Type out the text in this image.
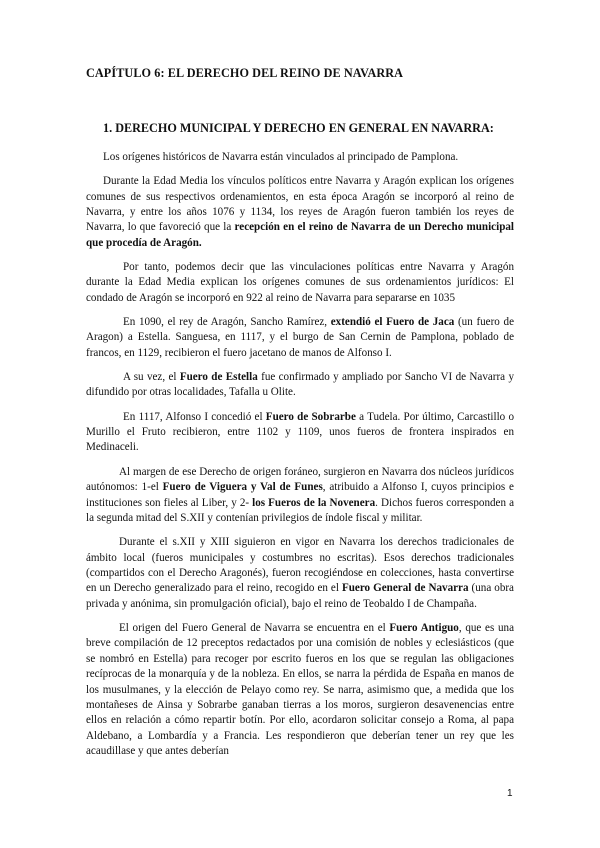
CAPÍTULO 6: EL DERECHO DEL REINO DE NAVARRA
1. DERECHO MUNICIPAL Y DERECHO EN GENERAL EN NAVARRA:

Los orígenes históricos de Navarra están vinculados al principado de Pamplona.

Durante la Edad Media los vínculos políticos entre Navarra y Aragón explican los orígenes comunes de sus respectivos ordenamientos, en esta época Aragón se incorporó al reino de Navarra, y entre los años 1076 y 1134, los reyes de Aragón fueron también los reyes de Navarra, lo que favoreció que la recepción en el reino de Navarra de un Derecho municipal que procedía de Aragón.

Por tanto, podemos decir que las vinculaciones políticas entre Navarra y Aragón durante la Edad Media explican los orígenes comunes de sus ordenamientos jurídicos: El condado de Aragón se incorporó en 922 al reino de Navarra para separarse en 1035

En 1090, el rey de Aragón, Sancho Ramírez, extendió el Fuero de Jaca (un fuero de Aragon) a Estella. Sanguesa, en 1117, y el burgo de San Cernin de Pamplona, poblado de francos, en 1129, recibieron el fuero jacetano de manos de Alfonso I.

A su vez, el Fuero de Estella fue confirmado y ampliado por Sancho VI de Navarra y difundido por otras localidades, Tafalla u Olite.

En 1117, Alfonso I concedió el Fuero de Sobrarbe a Tudela. Por último, Carcastillo o Murillo el Fruto recibieron, entre 1102 y 1109, unos fueros de frontera inspirados en Medinaceli.

Al margen de ese Derecho de origen foráneo, surgieron en Navarra dos núcleos jurídicos autónomos: 1-el Fuero de Viguera y Val de Funes, atribuido a Alfonso I, cuyos principios e instituciones son fieles al Liber, y 2- los Fueros de la Novenera. Dichos fueros corresponden a la segunda mitad del S.XII y contenían privilegios de índole fiscal y militar.

Durante el s.XII y XIII siguieron en vigor en Navarra los derechos tradicionales de ámbito local (fueros municipales y costumbres no escritas). Esos derechos tradicionales (compartidos con el Derecho Aragonés), fueron recogiéndose en colecciones, hasta convertirse en un Derecho generalizado para el reino, recogido en el Fuero General de Navarra (una obra privada y anónima, sin promulgación oficial), bajo el reino de Teobaldo I de Champaña.

El origen del Fuero General de Navarra se encuentra en el Fuero Antiguo, que es una breve compilación de 12 preceptos redactados por una comisión de nobles y eclesiásticos (que se nombró en Estella) para recoger por escrito fueros en los que se regulan las obligaciones recíprocas de la monarquía y de la nobleza. En ellos, se narra la pérdida de España en manos de los musulmanes, y la elección de Pelayo como rey. Se narra, asimismo que, a medida que los montañeses de Ainsa y Sobrarbe ganaban tierras a los moros, surgieron desavenencias entre ellos en relación a cómo repartir botín. Por ello, acordaron solicitar consejo a Roma, al papa Aldebano, a Lombardía y a Francia. Les respondieron que deberían tener un rey que les acaudillase y que antes deberían

1
